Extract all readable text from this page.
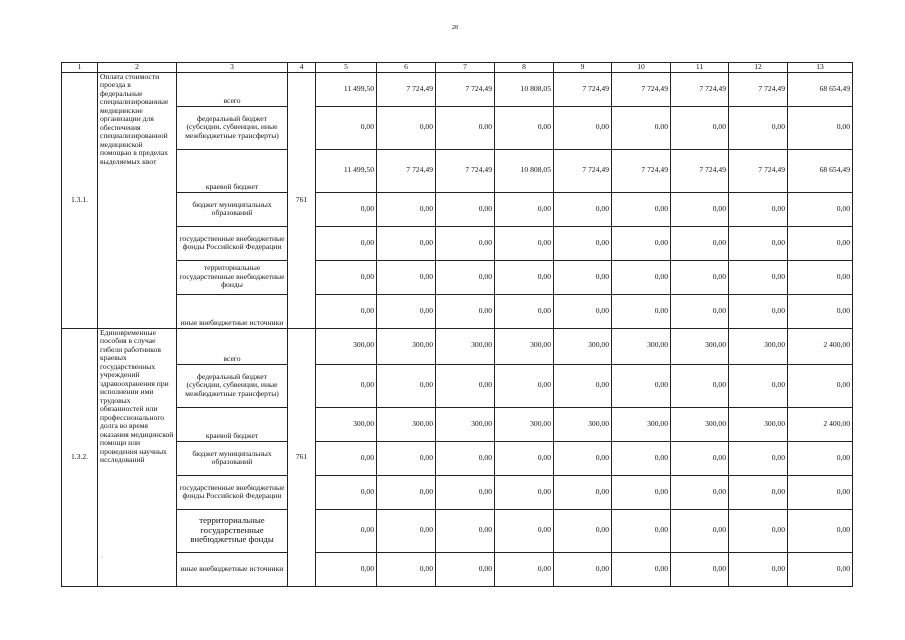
28
1	2	3	4	5	6	7	8	9	10	11	12	13
1.3.1.	Оплата стоимости проезда в федеральные специализированные медицинские организации для обеспечения специализированной медицинской помощью в пределах выделяемых квот	всего	761	11 499,50	7 724,49	7 724,49	10 808,05	7 724,49	7 724,49	7 724,49	7 724,49	68 654,49
		федеральный бюджет (субсидии, субвенции, иные межбюджетные трансферты)		0,00	0,00	0,00	0,00	0,00	0,00	0,00	0,00	0,00
		краевой бюджет		11 499,50	7 724,49	7 724,49	10 808,05	7 724,49	7 724,49	7 724,49	7 724,49	68 654,49
		бюджет муниципальных образований		0,00	0,00	0,00	0,00	0,00	0,00	0,00	0,00	0,00
		государственные внебюджетные фонды Российской Федерации		0,00	0,00	0,00	0,00	0,00	0,00	0,00	0,00	0,00
		территориальные государственные внебюджетные фонды		0,00	0,00	0,00	0,00	0,00	0,00	0,00	0,00	0,00
		иные внебюджетные источники		0,00	0,00	0,00	0,00	0,00	0,00	0,00	0,00	0,00
1.3.2.	Единовременные пособия в случае гибели работников краевых государственных учреждений здравоохранения при исполнении ими трудовых обязанностей или профессионального долга во время оказания медицинской помощи или проведения научных исследований	всего	761	300,00	300,00	300,00	300,00	300,00	300,00	300,00	300,00	2 400,00
		федеральный бюджет (субсидии, субвенции, иные межбюджетные трансферты)		0,00	0,00	0,00	0,00	0,00	0,00	0,00	0,00	0,00
		краевой бюджет		300,00	300,00	300,00	300,00	300,00	300,00	300,00	300,00	2 400,00
		бюджет муниципальных образований		0,00	0,00	0,00	0,00	0,00	0,00	0,00	0,00	0,00
		государственные внебюджетные фонды Российской Федерации		0,00	0,00	0,00	0,00	0,00	0,00	0,00	0,00	0,00
		территориальные государственные внебюджетные фонды		0,00	0,00	0,00	0,00	0,00	0,00	0,00	0,00	0,00
		иные внебюджетные источники		0,00	0,00	0,00	0,00	0,00	0,00	0,00	0,00	0,00
·
